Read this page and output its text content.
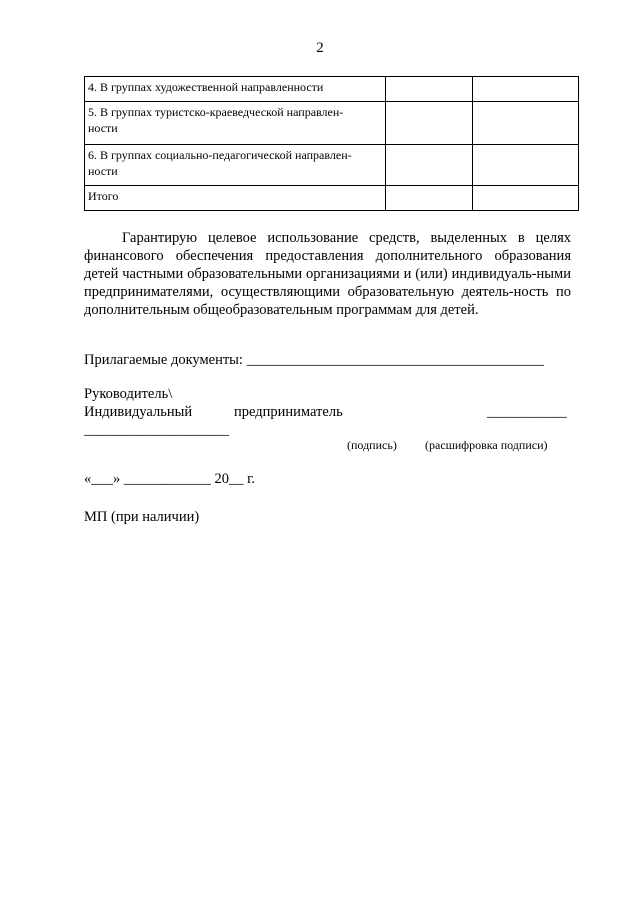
2
4. В группах художественной направленности		
5. В группах туристско-краеведческой направлен-
ности		
6. В группах социально-педагогической направлен-
ности		
Итого		
Гарантирую целевое использование средств, выделенных в целях финансового обеспечения предоставления дополнительного образования детей частными образовательными организациями и (или) индивидуаль-ными предпринимателями, осуществляющими образовательную деятель-ность по дополнительным общеобразовательным программам для детей.
Прилагаемые документы: _________________________________________
Руководитель\
Индивидуальный	предприниматель	___________
____________________
(подпись) (расшифровка подписи)
«___» ____________ 20__ г.
МП (при наличии)
